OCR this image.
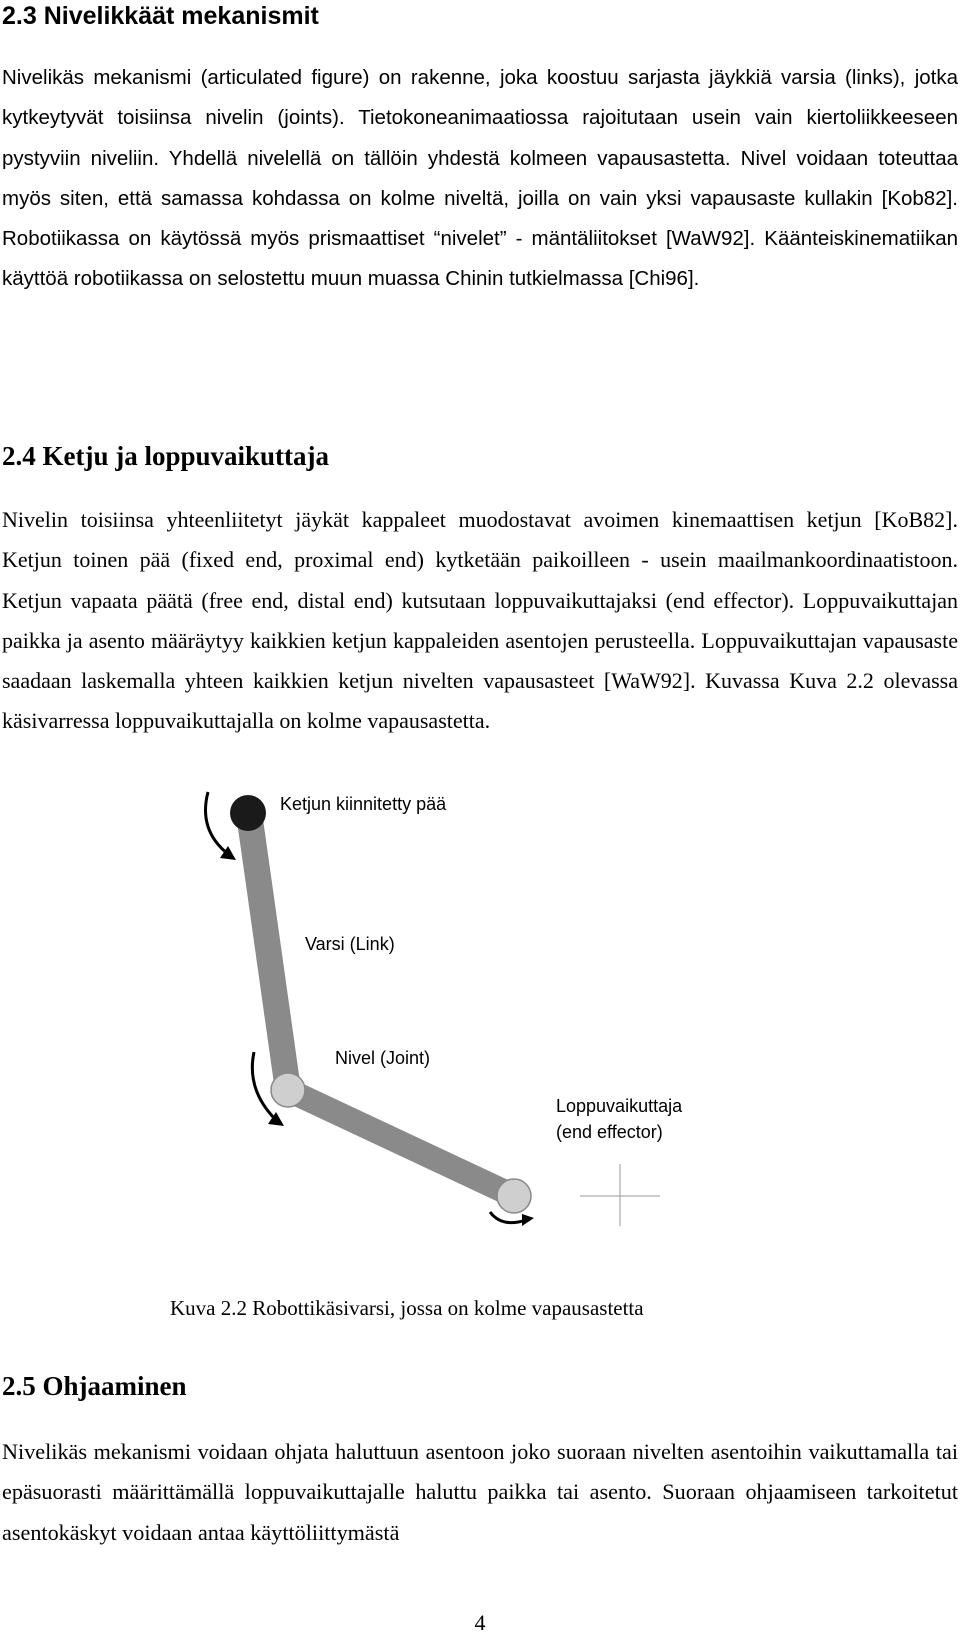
2.3 Nivelikkäät mekanismit

Nivelikäs mekanismi (articulated figure) on rakenne, joka koostuu sarjasta jäykkiä varsia (links), jotka kytkeytyvät toisiinsa nivelin (joints). Tietokoneanimaatiossa rajoitutaan usein vain kiertoliikkeeseen pystyviin niveliin. Yhdellä nivelellä on tällöin yhdestä kolmeen vapausastetta. Nivel voidaan toteuttaa myös siten, että samassa kohdassa on kolme niveltä, joilla on vain yksi vapausaste kullakin [Kob82]. Robotiikassa on käytössä myös prismaattiset “nivelet” - mäntäliitokset [WaW92]. Käänteiskinematiikan käyttöä robotiikassa on selostettu muun muassa Chinin tutkielmassa [Chi96].

2.4 Ketju ja loppuvaikuttaja

Nivelin toisiinsa yhteenliitetyt jäykät kappaleet muodostavat avoimen kinemaattisen ketjun [KoB82]. Ketjun toinen pää (fixed end, proximal end) kytketään paikoilleen - usein maailmankoordinaatistoon. Ketjun vapaata päätä (free end, distal end) kutsutaan loppuvaikuttajaksi (end effector). Loppuvaikuttajan paikka ja asento määräytyy kaikkien ketjun kappaleiden asentojen perusteella. Loppuvaikuttajan vapausaste saadaan laskemalla yhteen kaikkien ketjun nivelten vapausasteet [WaW92]. Kuvassa Kuva 2.2 olevassa käsivarressa loppuvaikuttajalla on kolme vapausastetta.

Ketjun kiinnitetty pää
Varsi (Link)
Nivel (Joint)
Loppuvaikuttaja
(end effector)

Kuva 2.2 Robottikäsivarsi, jossa on kolme vapausastetta

2.5 Ohjaaminen

Nivelikäs mekanismi voidaan ohjata haluttuun asentoon joko suoraan nivelten asentoihin vaikuttamalla tai epäsuorasti määrittämällä loppuvaikuttajalle haluttu paikka tai asento. Suoraan ohjaamiseen tarkoitetut asentokäskyt voidaan antaa käyttöliittymästä

4
